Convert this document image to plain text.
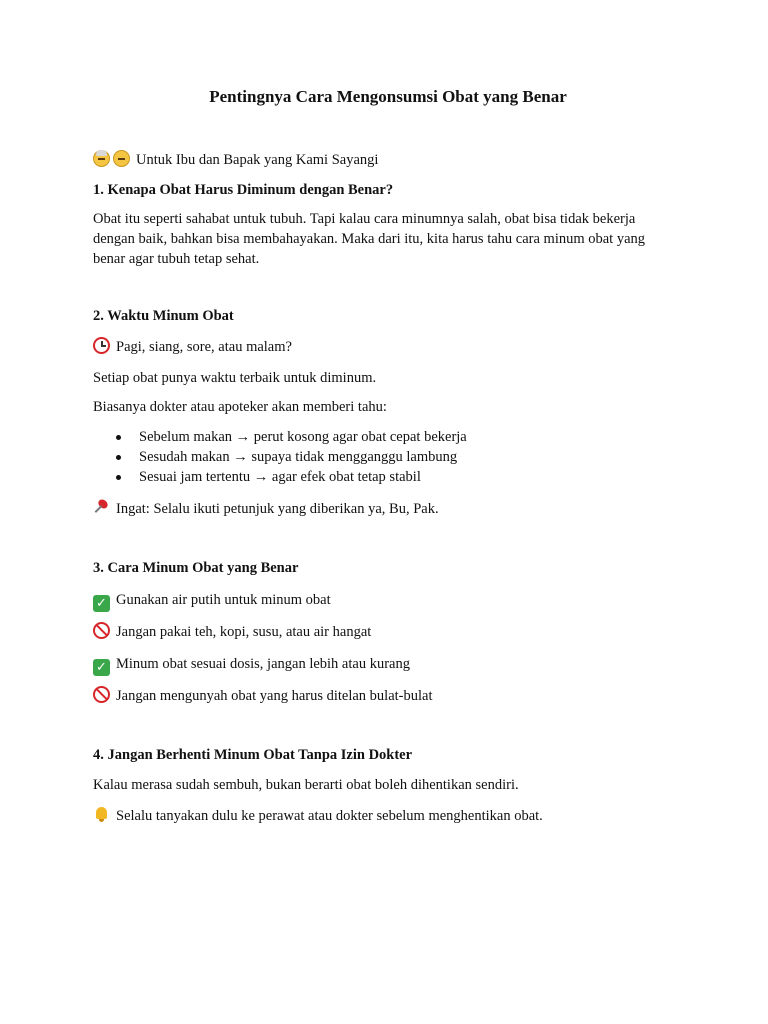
Pentingnya Cara Mengonsumsi Obat yang Benar

Untuk Ibu dan Bapak yang Kami Sayangi

1. Kenapa Obat Harus Diminum dengan Benar?

Obat itu seperti sahabat untuk tubuh. Tapi kalau cara minumnya salah, obat bisa tidak bekerja dengan baik, bahkan bisa membahayakan. Maka dari itu, kita harus tahu cara minum obat yang benar agar tubuh tetap sehat.

2. Waktu Minum Obat

Pagi, siang, sore, atau malam?

Setiap obat punya waktu terbaik untuk diminum.

Biasanya dokter atau apoteker akan memberi tahu:

Sebelum makan → perut kosong agar obat cepat bekerja
Sesudah makan → supaya tidak mengganggu lambung
Sesuai jam tertentu → agar efek obat tetap stabil

Ingat: Selalu ikuti petunjuk yang diberikan ya, Bu, Pak.

3. Cara Minum Obat yang Benar

✓ Gunakan air putih untuk minum obat

Jangan pakai teh, kopi, susu, atau air hangat

✓ Minum obat sesuai dosis, jangan lebih atau kurang

Jangan mengunyah obat yang harus ditelan bulat-bulat

4. Jangan Berhenti Minum Obat Tanpa Izin Dokter

Kalau merasa sudah sembuh, bukan berarti obat boleh dihentikan sendiri.

Selalu tanyakan dulu ke perawat atau dokter sebelum menghentikan obat.
